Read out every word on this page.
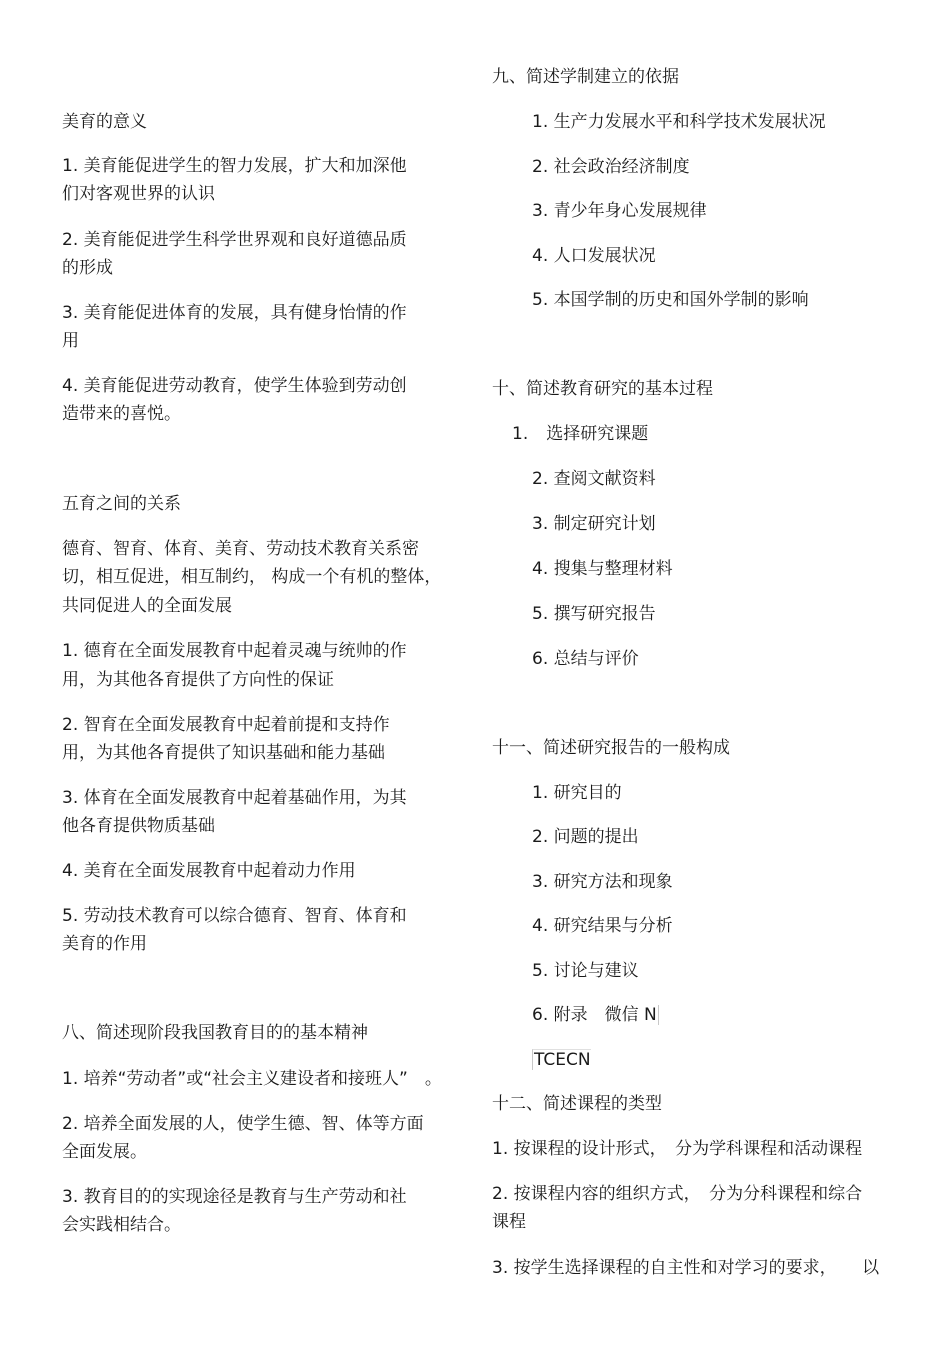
美育的意义
1. 美育能促进学生的智力发展，扩大和加深他
们对客观世界的认识
2. 美育能促进学生科学世界观和良好道德品质
的形成
3. 美育能促进体育的发展，具有健身怡情的作
用
4. 美育能促进劳动教育，使学生体验到劳动创
造带来的喜悦。
五育之间的关系
德育、智育、体育、美育、劳动技术教育关系密
切，相互促进，相互制约， 构成一个有机的整体，
共同促进人的全面发展
1. 德育在全面发展教育中起着灵魂与统帅的作
用，为其他各育提供了方向性的保证
2. 智育在全面发展教育中起着前提和支持作
用，为其他各育提供了知识基础和能力基础
3. 体育在全面发展教育中起着基础作用，为其
他各育提供物质基础
4. 美育在全面发展教育中起着动力作用
5. 劳动技术教育可以综合德育、智育、体育和
美育的作用
八、简述现阶段我国教育目的的基本精神
1. 培养“劳动者”或“社会主义建设者和接班人”　。
2. 培养全面发展的人，使学生德、智、体等方面
全面发展。
3. 教育目的的实现途径是教育与生产劳动和社
会实践相结合。
九、简述学制建立的依据
1. 生产力发展水平和科学技术发展状况
2. 社会政治经济制度
3. 青少年身心发展规律
4. 人口发展状况
5. 本国学制的历史和国外学制的影响
十、简述教育研究的基本过程
1. 选择研究课题
2. 查阅文献资料
3. 制定研究计划
4. 搜集与整理材料
5. 撰写研究报告
6. 总结与评价
十一、简述研究报告的一般构成
1. 研究目的
2. 问题的提出
3. 研究方法和现象
4. 研究结果与分析
5. 讨论与建议
6. 附录　微信 N
TCECN
十二、简述课程的类型
1. 按课程的设计形式，　分为学科课程和活动课程
2. 按课程内容的组织方式，　分为分科课程和综合
课程
3. 按学生选择课程的自主性和对学习的要求，　　以
